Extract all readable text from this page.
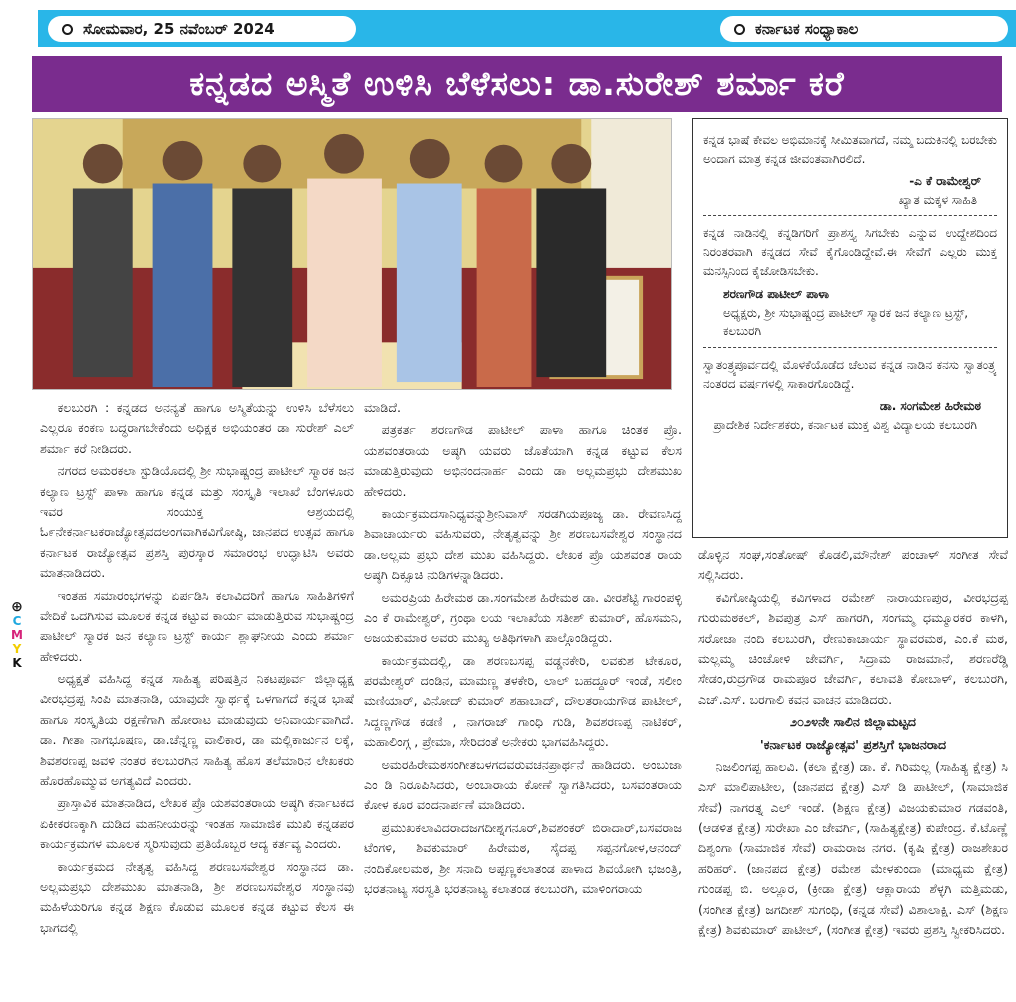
ಸೋಮವಾರ, 25 ನವೆಂಬರ್ 2024	ಕರ್ನಾಟಕ ಸಂಧ್ಯಾಕಾಲ
ಕನ್ನಡದ ಅಸ್ಮಿತೆ ಉಳಿಸಿ ಬೆಳೆಸಲು: ಡಾ.ಸುರೇಶ್ ಶರ್ಮಾ ಕರೆ
ಕನ್ನಡ ಭಾಷೆ ಕೇವಲ ಅಭಿಮಾನಕ್ಕೆ ಸೀಮಿತವಾಗದೆ, ನಮ್ಮ ಬದುಕಿನಲ್ಲಿ ಬರಬೇಕು ಅಂದಾಗ ಮಾತ್ರ ಕನ್ನಡ ಜೀವಂತವಾಗಿರಲಿದೆ.
-ಎ ಕೆ ರಾಮೇಶ್ವರ್
ಖ್ಯಾತ ಮಕ್ಕಳ ಸಾಹಿತಿ
ಕನ್ನಡ ನಾಡಿನಲ್ಲಿ ಕನ್ನಡಿಗರಿಗೆ ಪ್ರಾಶಸ್ತ್ಯ ಸಿಗಬೇಕು ಎನ್ನುವ ಉದ್ದೇಶದಿಂದ ನಿರಂತರವಾಗಿ ಕನ್ನಡದ ಸೇವೆ ಕೈಗೊಂಡಿದ್ದೇವೆ.ಈ ಸೇವೆಗೆ ಎಲ್ಲರು ಮುಕ್ತ ಮನಸ್ಸಿನಿಂದ ಕೈಜೋಡಿಸಬೇಕು.
ಶರಣಗೌಡ ಪಾಟೀಲ್ ಪಾಳಾ
ಅಧ್ಯಕ್ಷರು, ಶ್ರೀ ಸುಭಾಷ್ಚಂದ್ರ ಪಾಟೀಲ್ ಸ್ಮಾರಕ ಜನ ಕಲ್ಯಾಣ ಟ್ರಸ್ಟ್, ಕಲಬುರಗಿ
ಸ್ವಾತಂತ್ರ್ಯಪೂರ್ವದಲ್ಲಿ ಮೊಳಕೆಯೊಡೆದ ಚೆಲುವ ಕನ್ನಡ ನಾಡಿನ ಕನಸು ಸ್ವಾತಂತ್ರ್ಯ ನಂತರದ ವರ್ಷಗಳಲ್ಲಿ ಸಾಕಾರಗೊಂಡಿದ್ದೆ.
ಡಾ. ಸಂಗಮೇಶ ಹಿರೇಮಠ
ಪ್ರಾದೇಶಿಕ ನಿರ್ದೇಶಕರು, ಕರ್ನಾಟಕ ಮುಕ್ತ ವಿಶ್ವ ವಿದ್ಯಾಲಯ ಕಲಬುರಗಿ

ಕಲಬುರಗಿ : ಕನ್ನಡದ ಅನನ್ಯತೆ ಹಾಗೂ ಅಸ್ಮಿತೆಯನ್ನು ಉಳಿಸಿ ಬೆಳೆಸಲು ಎಲ್ಲರೂ ಕಂಕಣ ಬದ್ಧರಾಗಬೇಕೆಂದು ಅಧಿಕ್ಷಕ ಅಭಿಯಂತರ ಡಾ ಸುರೇಶ್ ಎಲ್ ಶರ್ಮಾ ಕರೆ ನೀಡಿದರು.

ನಗರದ ಅಮರಕಲಾ ಸ್ಟುಡಿಯೊದಲ್ಲಿ ಶ್ರೀ ಸುಭಾಷ್ಚಂದ್ರ ಪಾಟೀಲ್ ಸ್ಮಾರಕ ಜನ ಕಲ್ಯಾಣ ಟ್ರಸ್ಟ್ ಪಾಳಾ ಹಾಗೂ ಕನ್ನಡ ಮತ್ತು ಸಂಸ್ಕೃತಿ ಇಲಾಖೆ ಬೆಂಗಳೂರು ಇವರ ಸಂಯುಕ್ತ ಆಶ್ರಯದಲ್ಲಿ ಓ೯ನೇಕರ್ನಾಟಕರಾಜ್ಯೋತ್ಸವದಅಂಗವಾಗಿಕವಿಗೋಷ್ಠಿ, ಜಾನಪದ ಉತ್ಸವ ಹಾಗೂ ಕರ್ನಾಟಕ ರಾಜ್ಯೋತ್ಸವ ಪ್ರಶಸ್ತಿ ಪುರಸ್ಕಾರ ಸಮಾರಂಭ ಉದ್ಘಾಟಿಸಿ ಅವರು ಮಾತನಾಡಿದರು.

ಇಂತಹ ಸಮಾರಂಭಗಳನ್ನು ಏರ್ಪಡಿಸಿ ಕಲಾವಿದರಿಗೆ ಹಾಗೂ ಸಾಹಿತಿಗಳಿಗೆ ವೇದಿಕೆ ಒದಗಿಸುವ ಮೂಲಕ ಕನ್ನಡ ಕಟ್ಟುವ ಕಾರ್ಯ ಮಾಡುತ್ತಿರುವ ಸುಭಾಷ್ಚಂದ್ರ ಪಾಟೀಲ್ ಸ್ಮಾರಕ ಜನ ಕಲ್ಯಾಣ ಟ್ರಸ್ಟ್ ಕಾರ್ಯ ಶ್ಲಾಘನೀಯ ಎಂದು ಶರ್ಮಾ ಹೇಳಿದರು.

ಅಧ್ಯಕ್ಷತೆ ವಹಿಸಿದ್ದ ಕನ್ನಡ ಸಾಹಿತ್ಯ ಪರಿಷತ್ತಿನ ನಿಕಟಪೂರ್ವ ಜಿಲ್ಲಾಧ್ಯಕ್ಷ ವೀರಭದ್ರಪ್ಪ ಸಿಂಪಿ ಮಾತನಾಡಿ, ಯಾವುದೇ ಸ್ವಾರ್ಥಕ್ಕೆ ಒಳಗಾಗದೆ ಕನ್ನಡ ಭಾಷೆ ಹಾಗೂ ಸಂಸ್ಕೃತಿಯ ರಕ್ಷಣೆಗಾಗಿ ಹೋರಾಟ ಮಾಡುವುದು ಅನಿವಾರ್ಯವಾಗಿದೆ. ಡಾ. ಗೀತಾ ನಾಗಭೂಷಣ, ಡಾ.ಚೆನ್ನಣ್ಣ ವಾಲಿಕಾರ, ಡಾ ಮಲ್ಲಿಕಾರ್ಜುನ ಲಕ್ಕೆ, ಶಿವಶರಣಪ್ಪ ಜವಳಿ ನಂತರ ಕಲಬುರಗಿನ ಸಾಹಿತ್ಯ ಹೊಸ ತಲೆಮಾರಿನ ಲೇಖಕರು ಹೊರಹೊಮ್ಮುವ ಅಗತ್ಯವಿದೆ ಎಂದರು.

ಪ್ರಾಸ್ತಾವಿಕ ಮಾತನಾಡಿದ, ಲೇಖಕ ಪ್ರೊ ಯಶವಂತರಾಯ ಅಷ್ಠಗಿ ಕರ್ನಾಟಕದ ಏಕೀಕರಣಕ್ಕಾಗಿ ದುಡಿದ ಮಹನೀಯರನ್ನು ಇಂತಹ ಸಾಮಾಜಿಕ ಮುಖಿ ಕನ್ನಡಪರ ಕಾರ್ಯಕ್ರಮಗಳ ಮೂಲಕ ಸ್ಮರಿಸುವುದು ಪ್ರತಿಯೊಬ್ಬರ ಆದ್ಯ ಕರ್ತವ್ಯ ಎಂದರು.

ಕಾರ್ಯಕ್ರಮದ ನೇತೃತ್ವ ವಹಿಸಿದ್ದ ಶರಣಬಸವೇಶ್ವರ ಸಂಸ್ಥಾನದ ಡಾ. ಅಲ್ಲಮಪ್ರಭು ದೇಶಮುಖ ಮಾತನಾಡಿ, ಶ್ರೀ ಶರಣಬಸವೇಶ್ವರ ಸಂಸ್ಥಾನವು ಮಹಿಳೆಯರಿಗೂ ಕನ್ನಡ ಶಿಕ್ಷಣ ಕೊಡುವ ಮೂಲಕ ಕನ್ನಡ ಕಟ್ಟುವ ಕೆಲಸ ಈ ಭಾಗದಲ್ಲಿ

ಮಾಡಿದೆ.

ಪತ್ರಕರ್ತ ಶರಣಗೌಡ ಪಾಟೀಲ್ ಪಾಳಾ ಹಾಗೂ ಚಿಂತಕ ಪ್ರೊ. ಯಶವಂತರಾಯ ಅಷ್ಠಗಿ ಯವರು ಜೊತೆಯಾಗಿ ಕನ್ನಡ ಕಟ್ಟುವ ಕೆಲಸ ಮಾಡುತ್ತಿರುವುದು ಅಭಿನಂದನಾರ್ಹ ಎಂದು ಡಾ ಅಲ್ಲಮಪ್ರಭು ದೇಶಮುಖ ಹೇಳಿದರು.

ಕಾರ್ಯಕ್ರಮದಸಾನಿಧ್ಯವನ್ನುಶ್ರೀನಿವಾಸ್ ಸರಡಗಿಯಪೂಜ್ಯ ಡಾ. ರೇವಣಸಿದ್ದ ಶಿವಾಚಾರ್ಯರು ವಹಿಸುವರು, ನೇತೃತ್ವವನ್ನು ಶ್ರೀ ಶರಣಬಸವೇಶ್ವರ ಸಂಸ್ಥಾನದ ಡಾ.ಅಲ್ಲಮ ಪ್ರಭು ದೇಶ ಮುಖ ವಹಿಸಿದ್ದರು. ಲೇಖಕ ಪ್ರೊ ಯಶವಂತ ರಾಯ ಅಷ್ಠಗಿ ದಿಕ್ಸೂಚಿ ನುಡಿಗಳನ್ನಾಡಿದರು.

ಅಮರಪ್ರಿಯ ಹಿರೇಮಠ ಡಾ.ಸಂಗಮೇಶ ಹಿರೇಮಠ ಡಾ. ವೀರಶೆಟ್ಟಿ ಗಾರಂಪಳ್ಳಿ ಎಂ ಕೆ ರಾಮೇಶ್ವರ್, ಗ್ರಂಥಾ ಲಯ ಇಲಾಖೆಯ ಸತೀಶ್ ಕುಮಾರ್, ಹೊಸಮನಿ, ಅಜಯಕುಮಾರ ಅವರು ಮುಖ್ಯ ಅತಿಥಿಗಳಾಗಿ ಪಾಲ್ಗೊಂಡಿದ್ದರು.

ಕಾರ್ಯಕ್ರಮದಲ್ಲಿ, ಡಾ ಶರಣಬಸಪ್ಪ ವಡ್ಡನಕೇರಿ, ಲವಕುಶ ಟೇಕೂರ, ಪರಮೇಶ್ವರ್ ದಂಡಿನ, ಮಾಮಣ್ಣ ತಳಕೇರಿ, ಲಾಲ್ ಬಹದ್ದೂರ್ ಇಂಡೆ, ಸಲೀಂ ಮಣಿಯಾರ್, ವಿನೋದ್ ಕುಮಾರ್ ಶಹಾಬಾದ್, ದೌಲತರಾಯಗೌಡ ಪಾಟೀಲ್, ಸಿದ್ದಣ್ಣಗೌಡ ಕಡಣಿ , ನಾಗರಾಜ್ ಗಾಂಧಿ ಗುಡಿ, ಶಿವಶರಣಪ್ಪ ನಾಟಿಕರ್, ಮಹಾಲಿಂಗ್ಗ , ಪ್ರೇಮಾ, ಸೇರಿದಂತೆ ಅನೇಕರು ಭಾಗವಹಿಸಿದ್ದರು.

ಅಮರಹಿರೇಮಠಸಂಗೀತಬಳಗದವರುವಚನಪ್ರಾರ್ಥನೆ ಹಾಡಿದರು. ಅಂಬುಜಾ ಎಂ ಡಿ ನಿರೂಪಿಸಿದರು, ಅಂಬಾರಾಯ ಕೋಣೆ ಸ್ವಾಗತಿಸಿದರು, ಬಸವಂತರಾಯ ಕೋಳ ಕೂರ ವಂದನಾರ್ಪಣೆ ಮಾಡಿದರು.

ಪ್ರಮುಖಕಲಾವಿದರಾದಜಗದೀಶ್ನಗನೂರ್,ಶಿವಶಂಕರ್ ಬಿರಾದಾರ್,ಬಸವರಾಜ ಟೆಂಗಳಿ, ಶಿವಕುಮಾರ್ ಹಿರೇಮಠ, ಸೈದಪ್ಪ ಸಪ್ಪನಗೋಳ,ಆನಂದ್ ನಂದಿಕೋಲಮಠ, ಶ್ರೀ ಸನಾದಿ ಅಪ್ಪಣ್ಣಕಲಾತಂಡ ಪಾಳಾದ ಶಿವಯೋಗಿ ಭಜಂತ್ರಿ, ಭರತನಾಟ್ಯ ಸರಸ್ವತಿ ಭರತನಾಟ್ಯ ಕಲಾತಂಡ ಕಲಬುರಗಿ, ಮಾಳಿಂಗರಾಯ

ಡೊಳ್ಳಿನ ಸಂಘ,ಸಂತೋಷ್ ಕೊಡಲಿ,ಮೌನೇಶ್ ಪಂಚಾಳ್ ಸಂಗೀತ ಸೇವೆ ಸಲ್ಲಿಸಿದರು.

ಕವಿಗೋಷ್ಠಿಯಲ್ಲಿ ಕವಿಗಳಾದ ರಮೇಶ್ ನಾರಾಯಣಪುರ, ವೀರಭದ್ರಪ್ಪ ಗುರುಮಠಕಲ್, ಶಿವಪುತ್ರ ಎಸ್ ಹಾಗರಗಿ, ಸಂಗಮ್ಮ ಧಮ್ಮೂರಕರ ಕಾಳಗಿ, ಸರೋಜಾ ನಂದಿ ಕಲಬುರಗಿ, ರೇಣುಕಾಚಾರ್ಯ ಸ್ಥಾವರಮಠ, ಎಂ.ಕೆ ಮಠ, ಮಲ್ಲಮ್ಮ ಚಿಂಚೋಳಿ ಜೇವರ್ಗಿ, ಸಿದ್ರಾಮ ರಾಜಮಾನೆ, ಶರಣರೆಡ್ಡಿ ಸೇಡಂ,ರುದ್ರಗೌಡ ರಾಮಪೂರ ಜೇವರ್ಗಿ, ಕಲಾವತಿ ಕೋಬಾಳ್, ಕಲಬುರಗಿ, ಎಚ್.ಎಸ್. ಬರಗಾಲಿ ಕವನ ವಾಚನ ಮಾಡಿದರು.

೨೦೨೪ನೇ ಸಾಲಿನ ಜಿಲ್ಲಾಮಟ್ಟದ

'ಕರ್ನಾಟಕ ರಾಜ್ಯೋತ್ಸವ' ಪ್ರಶಸ್ತಿಗೆ ಭಾಜನರಾದ

ನಿಜಲಿಂಗಪ್ಪ ಹಾಲವಿ. (ಕಲಾ ಕ್ಷೇತ್ರ) ಡಾ. ಕೆ. ಗಿರಿಮಲ್ಲ (ಸಾಹಿತ್ಯ ಕ್ಷೇತ್ರ) ಸಿ ಎಸ್ ಮಾಲಿಪಾಟೀಲ, (ಜಾನಪದ ಕ್ಷೇತ್ರ) ಎಸ್ ಡಿ ಪಾಟೀಲ್, (ಸಾಮಾಜಿಕ ಸೇವೆ) ನಾಗರತ್ನ ಎಲ್ ಇಂಡೆ. (ಶಿಕ್ಷಣ ಕ್ಷೇತ್ರ) ವಿಜಯಕುಮಾರ ಗಡವಂತಿ, (ಆಡಳಿತ ಕ್ಷೇತ್ರ) ಸುರೇಖಾ ಎಂ ಜೇವರ್ಗಿ, (ಸಾಹಿತ್ಯಕ್ಷೇತ್ರ) ಕುಪೇಂದ್ರ. ಕೆ.ಟೊಣ್ಣೆ ದಿಶ್ವಂಗಾ (ಸಾಮಾಜಿಕ ಸೇವೆ) ರಾಮರಾಜ ನಗರ. (ಕೃಷಿ ಕ್ಷೇತ್ರ) ರಾಜಶೇಖರ ಹರಿಹರ್. (ಜಾನಪದ ಕ್ಷೇತ್ರ) ರಮೇಶ ಮೇಳಕುಂದಾ (ಮಾಧ್ಯಮ ಕ್ಷೇತ್ರ) ಗುಂಡಪ್ಪ ಬಿ. ಅಲ್ಲೂರ, (ಕ್ರೀಡಾ ಕ್ಷೇತ್ರ) ಆಕ್ಲಾರಾಯ ಶೆಳ್ಳಗಿ ಮತ್ತಿಮಡು, (ಸಂಗೀತ ಕ್ಷೇತ್ರ) ಜಗದೀಶ್ ಸುಗಂಧಿ, (ಕನ್ನಡ ಸೇವೆ) ವಿಶಾಲಾಕ್ಷಿ. ಎಸ್ (ಶಿಕ್ಷಣ ಕ್ಷೇತ್ರ) ಶಿವಕುಮಾರ್ ಪಾಟೀಲ್, (ಸಂಗೀತ ಕ್ಷೇತ್ರ) ಇವರು ಪ್ರಶಸ್ತಿ ಸ್ವೀಕರಿಸಿದರು.

⊕
C
M
Y
K
